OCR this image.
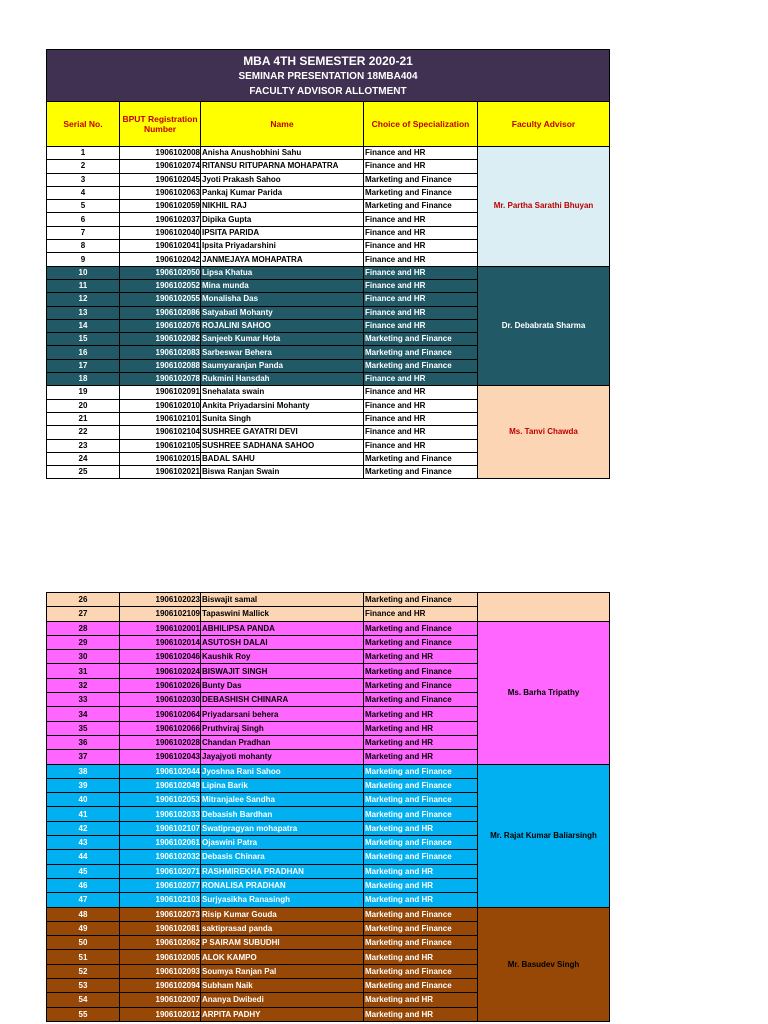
MBA 4TH SEMESTER 2020-21
SEMINAR PRESENTATION 18MBA404
FACULTY ADVISOR ALLOTMENT				

Serial No.	BPUT Registration Number	Name	Choice of Specialization	Faculty Advisor
1	1906102008	Anisha Anushobhini Sahu	Finance and HR	Mr. Partha Sarathi Bhuyan
2	1906102074	RITANSU RITUPARNA MOHAPATRA	Finance and HR	
3	1906102045	Jyoti Prakash Sahoo	Marketing and Finance	
4	1906102063	Pankaj Kumar Parida	Marketing and Finance	
5	1906102059	NIKHIL RAJ	Marketing and Finance	
6	1906102037	Dipika Gupta	Finance and HR	
7	1906102040	IPSITA PARIDA	Finance and HR	
8	1906102041	Ipsita Priyadarshini	Finance and HR	
9	1906102042	JANMEJAYA MOHAPATRA	Finance and HR	
10	1906102050	Lipsa Khatua	Finance and HR	Dr. Debabrata Sharma
11	1906102052	Mina munda	Finance and HR	
12	1906102055	Monalisha Das	Finance and HR	
13	1906102086	Satyabati Mohanty	Finance and HR	
14	1906102076	ROJALINI SAHOO	Finance and HR	
15	1906102082	Sanjeeb Kumar Hota	Marketing and Finance	
16	1906102083	Sarbeswar Behera	Marketing and Finance	
17	1906102088	Saumyaranjan Panda	Marketing and Finance	
18	1906102078	Rukmini Hansdah	Finance and HR	
19	1906102091	Snehalata swain	Finance and HR	Ms. Tanvi Chawda
20	1906102010	Ankita Priyadarsini Mohanty	Finance and HR	
21	1906102101	Sunita Singh	Finance and HR	
22	1906102104	SUSHREE GAYATRI DEVI	Finance and HR	
23	1906102105	SUSHREE SADHANA SAHOO	Finance and HR	
24	1906102015	BADAL SAHU	Marketing and Finance	
25	1906102021	Biswa Ranjan Swain	Marketing and Finance	
26	1906102023	Biswajit samal	Marketing and Finance	
27	1906102109	Tapaswini Mallick	Finance and HR	
28	1906102001	ABHILIPSA PANDA	Marketing and Finance	Ms. Barha Tripathy
29	1906102014	ASUTOSH DALAI	Marketing and Finance	
30	1906102046	Kaushik Roy	Marketing and HR	
31	1906102024	BISWAJIT SINGH	Marketing and Finance	
32	1906102026	Bunty Das	Marketing and Finance	
33	1906102030	DEBASHISH CHINARA	Marketing and Finance	
34	1906102064	Priyadarsani behera	Marketing and HR	
35	1906102066	Pruthviraj Singh	Marketing and HR	
36	1906102028	Chandan Pradhan	Marketing and HR	
37	1906102043	Jayajyoti mohanty	Marketing and HR	
38	1906102044	Jyoshna Rani Sahoo	Marketing and Finance	Mr. Rajat Kumar Baliarsingh
39	1906102049	Lipina Barik	Marketing and Finance	
40	1906102053	Mitranjalee Sandha	Marketing and Finance	
41	1906102033	Debasish Bardhan	Marketing and Finance	
42	1906102107	Swatipragyan mohapatra	Marketing and HR	
43	1906102061	Ojaswini Patra	Marketing and Finance	
44	1906102032	Debasis Chinara	Marketing and Finance	
45	1906102071	RASHMIREKHA PRADHAN	Marketing and HR	
46	1906102077	RONALISA PRADHAN	Marketing and HR	
47	1906102103	Surjyasikha Ranasingh	Marketing and HR	
48	1906102073	Risip Kumar Gouda	Marketing and Finance	Mr. Basudev Singh
49	1906102081	saktiprasad panda	Marketing and Finance	
50	1906102062	P SAIRAM SUBUDHI	Marketing and Finance	
51	1906102005	ALOK KAMPO	Marketing and HR	
52	1906102093	Soumya Ranjan Pal	Marketing and Finance	
53	1906102094	Subham Naik	Marketing and Finance	
54	1906102007	Ananya Dwibedi	Marketing and HR	
55	1906102012	ARPITA PADHY	Marketing and HR	
